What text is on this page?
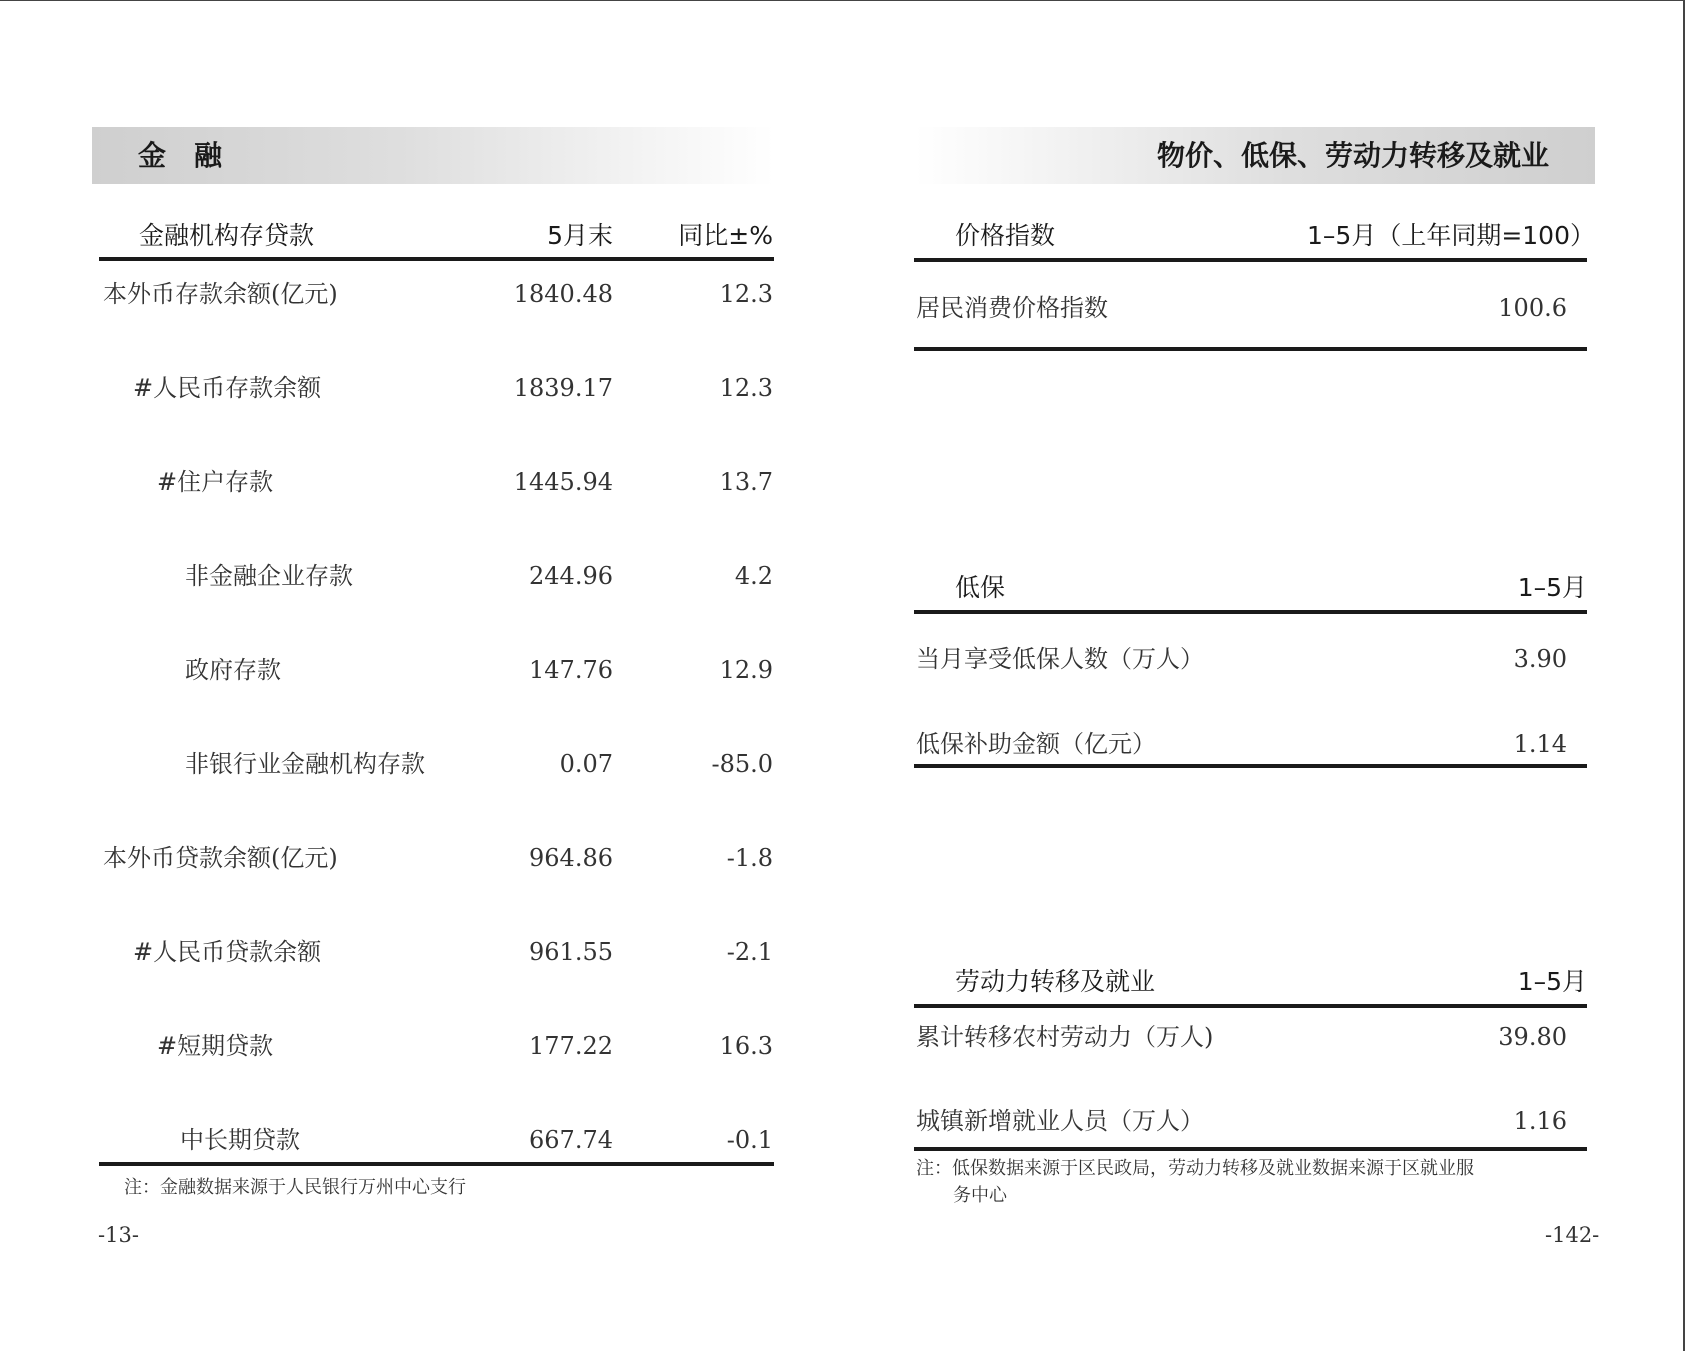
金　融
金融机构存贷款	5月末	同比±%
本外币存款余额(亿元)	1840.48	12.3
#人民币存款余额	1839.17	12.3
#住户存款	1445.94	13.7
非金融企业存款	244.96	4.2
政府存款	147.76	12.9
非银行业金融机构存款	0.07	-85.0
本外币贷款余额(亿元)	964.86	-1.8
#人民币贷款余额	961.55	-2.1
#短期贷款	177.22	16.3
中长期贷款	667.74	-0.1
注：金融数据来源于人民银行万州中心支行
-13-
物价、低保、劳动力转移及就业
价格指数	1–5月（上年同期=100）
居民消费价格指数	100.6
低保	1–5月
当月享受低保人数（万人）	3.90
低保补助金额（亿元）	1.14
劳动力转移及就业	1–5月
累计转移农村劳动力（万人)	39.80
城镇新增就业人员（万人）	1.16
注：低保数据来源于区民政局，劳动力转移及就业数据来源于区就业服
务中心
-142-
